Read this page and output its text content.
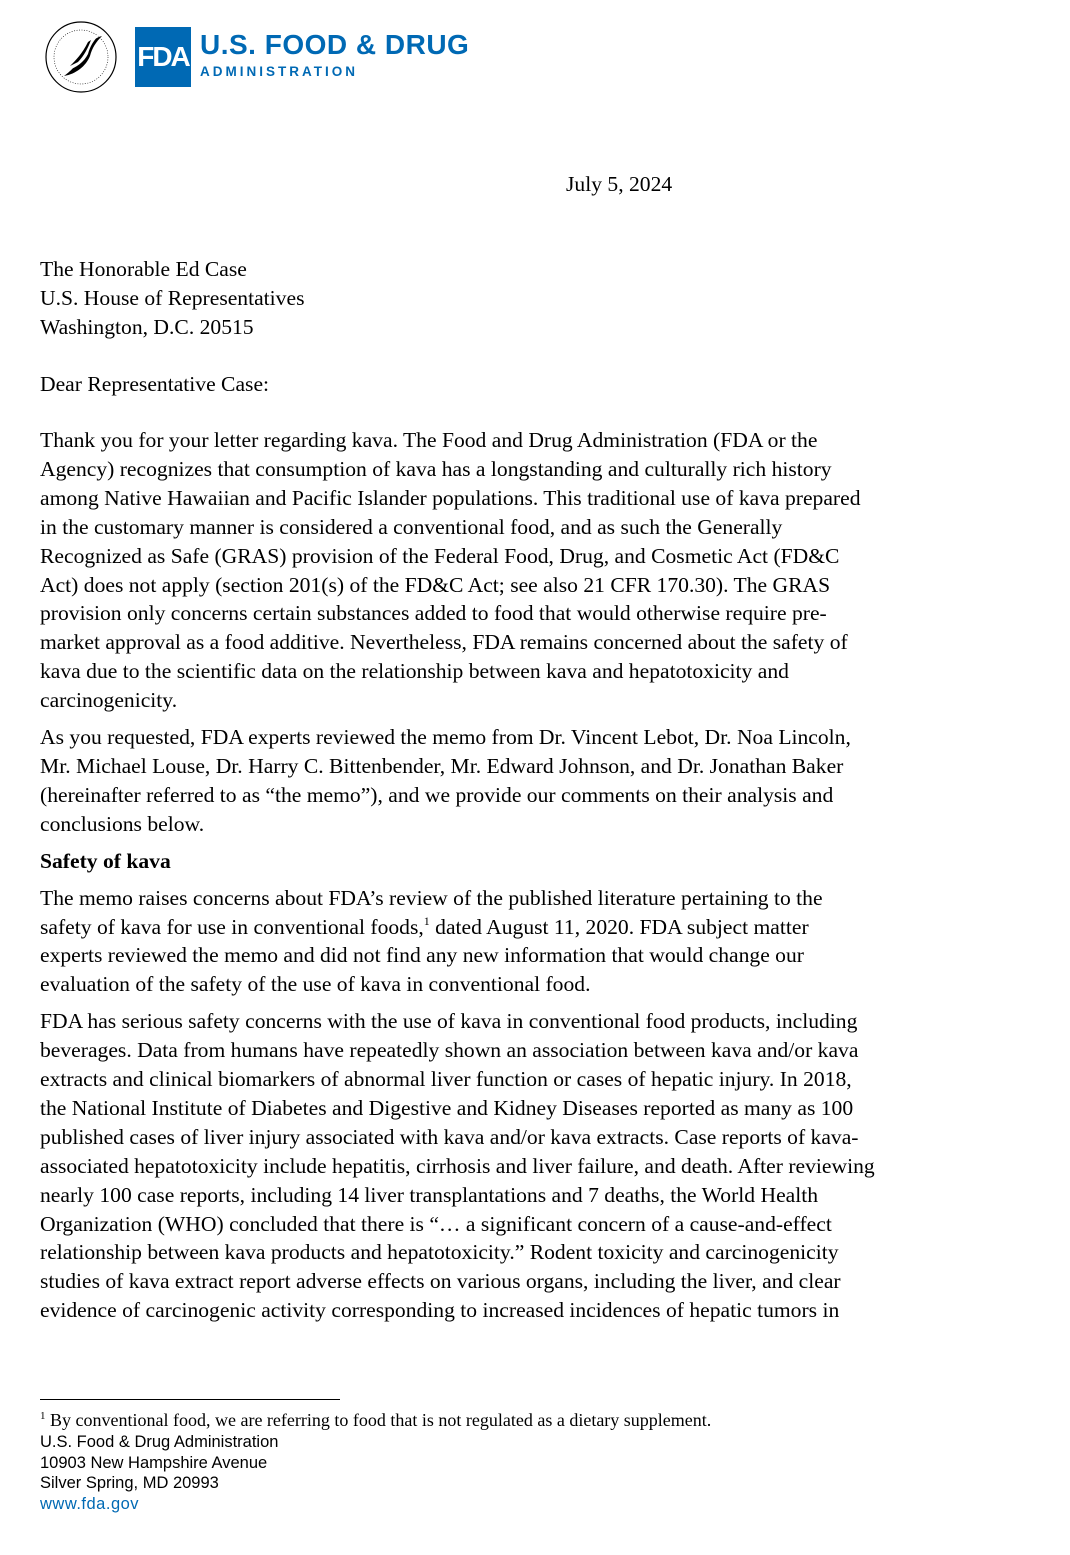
FDA U.S. FOOD & DRUG
ADMINISTRATION
July 5, 2024
The Honorable Ed Case
U.S. House of Representatives
Washington, D.C. 20515
Dear Representative Case:

Thank you for your letter regarding kava. The Food and Drug Administration (FDA or the
Agency) recognizes that consumption of kava has a longstanding and culturally rich history
among Native Hawaiian and Pacific Islander populations. This traditional use of kava prepared
in the customary manner is considered a conventional food, and as such the Generally
Recognized as Safe (GRAS) provision of the Federal Food, Drug, and Cosmetic Act (FD&C
Act) does not apply (section 201(s) of the FD&C Act; see also 21 CFR 170.30). The GRAS
provision only concerns certain substances added to food that would otherwise require pre-
market approval as a food additive. Nevertheless, FDA remains concerned about the safety of
kava due to the scientific data on the relationship between kava and hepatotoxicity and
carcinogenicity.

As you requested, FDA experts reviewed the memo from Dr. Vincent Lebot, Dr. Noa Lincoln,
Mr. Michael Louse, Dr. Harry C. Bittenbender, Mr. Edward Johnson, and Dr. Jonathan Baker
(hereinafter referred to as “the memo”), and we provide our comments on their analysis and
conclusions below.

Safety of kava

The memo raises concerns about FDA’s review of the published literature pertaining to the
safety of kava for use in conventional foods,$^1$ dated August 11, 2020. FDA subject matter
experts reviewed the memo and did not find any new information that would change our
evaluation of the safety of the use of kava in conventional food.

FDA has serious safety concerns with the use of kava in conventional food products, including
beverages. Data from humans have repeatedly shown an association between kava and/or kava
extracts and clinical biomarkers of abnormal liver function or cases of hepatic injury. In 2018,
the National Institute of Diabetes and Digestive and Kidney Diseases reported as many as 100
published cases of liver injury associated with kava and/or kava extracts. Case reports of kava-
associated hepatotoxicity include hepatitis, cirrhosis and liver failure, and death. After reviewing
nearly 100 case reports, including 14 liver transplantations and 7 deaths, the World Health
Organization (WHO) concluded that there is “… a significant concern of a cause-and-effect
relationship between kava products and hepatotoxicity.” Rodent toxicity and carcinogenicity
studies of kava extract report adverse effects on various organs, including the liver, and clear
evidence of carcinogenic activity corresponding to increased incidences of hepatic tumors in

$^1$ By conventional food, we are referring to food that is not regulated as a dietary supplement.
U.S. Food & Drug Administration
10903 New Hampshire Avenue
Silver Spring, MD 20993
www.fda.gov
